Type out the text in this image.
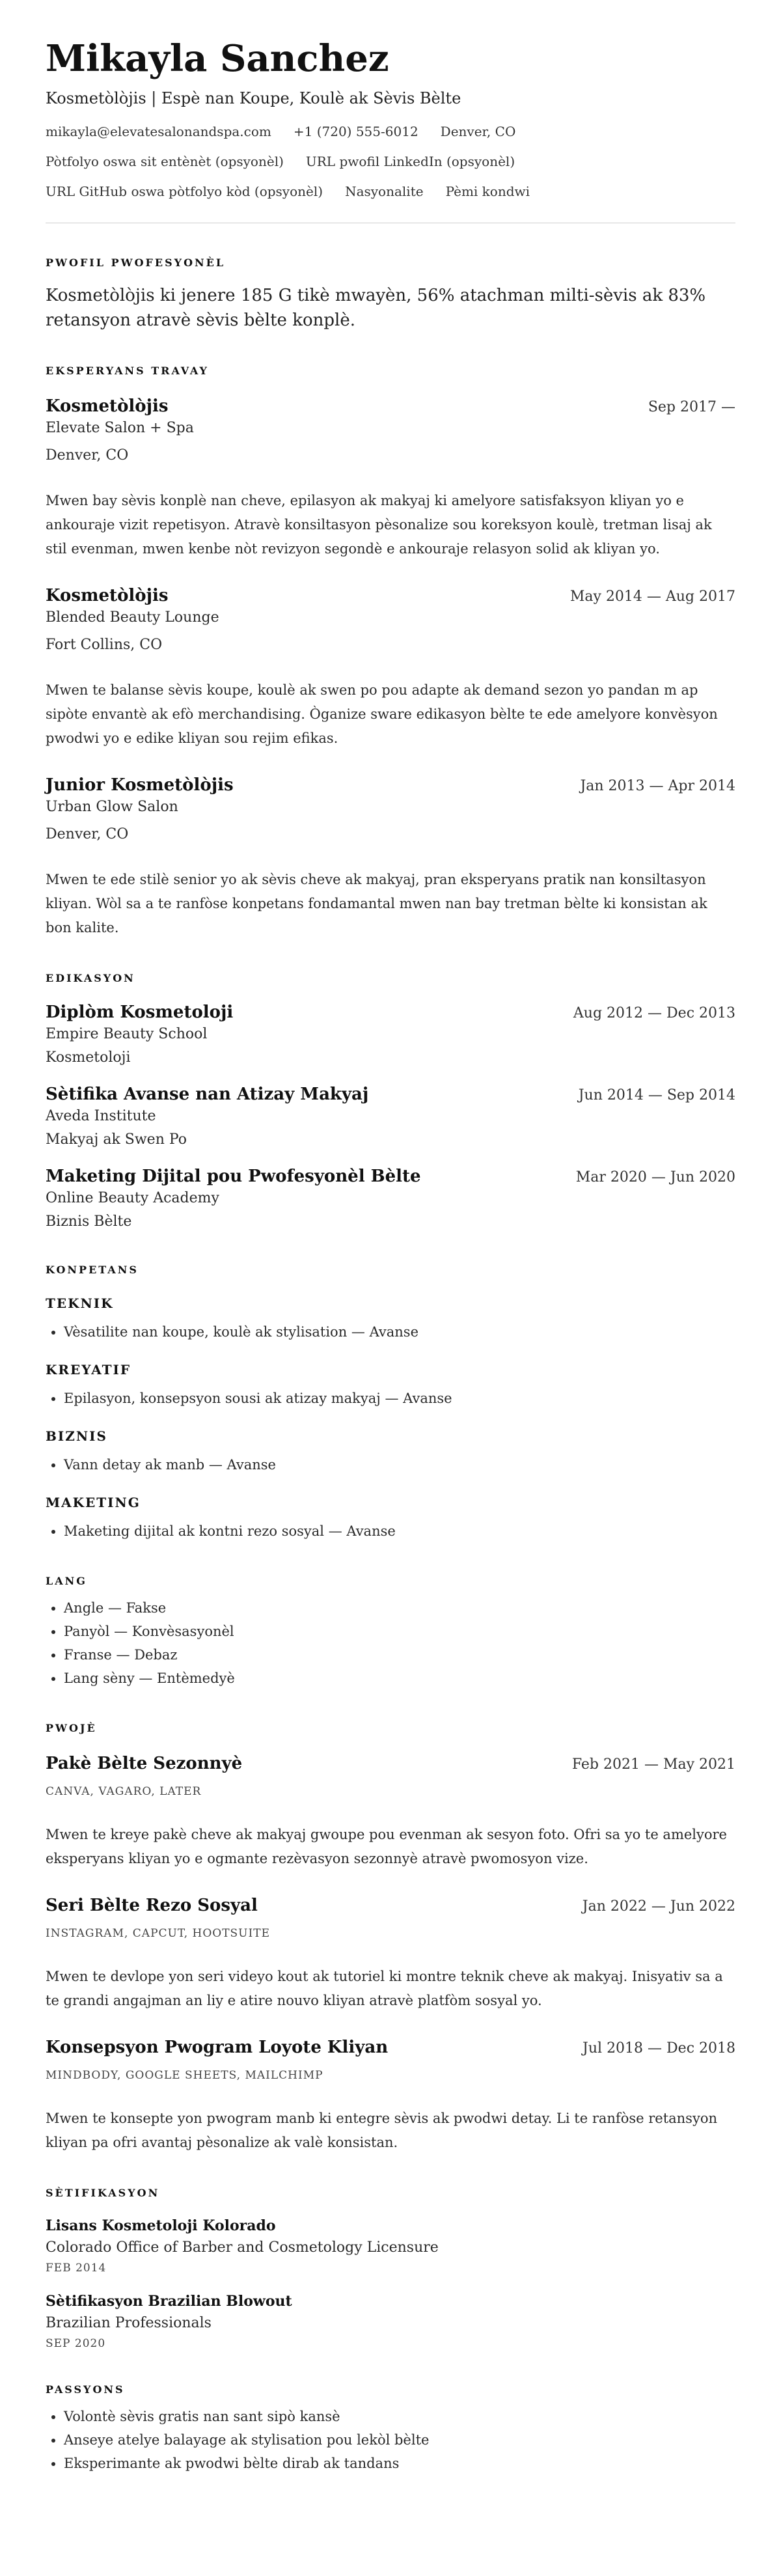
Mikayla Sanchez
Kosmetòlòjis | Espè nan Koupe, Koulè ak Sèvis Bèlte
mikayla@elevatesalonandspa.com +1 (720) 555-6012 Denver, CO
Pòtfolyo oswa sit entènèt (opsyonèl) URL pwofil LinkedIn (opsyonèl)
URL GitHub oswa pòtfolyo kòd (opsyonèl) Nasyonalite Pèmi kondwi
PWOFIL PWOFESYONÈL
Kosmetòlòjis ki jenere 185 G tikè mwayèn, 56% atachman milti-sèvis ak 83% retansyon atravè sèvis bèlte konplè.
EKSPERYANS TRAVAY
Kosmetòlòjis	Sep 2017 —
Elevate Salon + Spa
Denver, CO
Mwen bay sèvis konplè nan cheve, epilasyon ak makyaj ki amelyore satisfaksyon kliyan yo e ankouraje vizit repetisyon. Atravè konsiltasyon pèsonalize sou koreksyon koulè, tretman lisaj ak stil evenman, mwen kenbe nòt revizyon segondè e ankouraje relasyon solid ak kliyan yo.
Kosmetòlòjis	May 2014 — Aug 2017
Blended Beauty Lounge
Fort Collins, CO
Mwen te balanse sèvis koupe, koulè ak swen po pou adapte ak demand sezon yo pandan m ap sipòte envantè ak efò merchandising. Òganize sware edikasyon bèlte te ede amelyore konvèsyon pwodwi yo e edike kliyan sou rejim efikas.
Junior Kosmetòlòjis	Jan 2013 — Apr 2014
Urban Glow Salon
Denver, CO
Mwen te ede stilè senior yo ak sèvis cheve ak makyaj, pran eksperyans pratik nan konsiltasyon kliyan. Wòl sa a te ranfòse konpetans fondamantal mwen nan bay tretman bèlte ki konsistan ak bon kalite.
EDIKASYON
Diplòm Kosmetoloji	Aug 2012 — Dec 2013
Empire Beauty School
Kosmetoloji
Sètifika Avanse nan Atizay Makyaj	Jun 2014 — Sep 2014
Aveda Institute
Makyaj ak Swen Po
Maketing Dijital pou Pwofesyonèl Bèlte	Mar 2020 — Jun 2020
Online Beauty Academy
Biznis Bèlte
KONPETANS
TEKNIK
• Vèsatilite nan koupe, koulè ak stylisation — Avanse
KREYATIF
• Epilasyon, konsepsyon sousi ak atizay makyaj — Avanse
BIZNIS
• Vann detay ak manb — Avanse
MAKETING
• Maketing dijital ak kontni rezo sosyal — Avanse
LANG
• Angle — Fakse
• Panyòl — Konvèsasyonèl
• Franse — Debaz
• Lang sèny — Entèmedyè
PWOJÈ
Pakè Bèlte Sezonnyè	Feb 2021 — May 2021
CANVA, VAGARO, LATER
Mwen te kreye pakè cheve ak makyaj gwoupe pou evenman ak sesyon foto. Ofri sa yo te amelyore eksperyans kliyan yo e ogmante rezèvasyon sezonnyè atravè pwomosyon vize.
Seri Bèlte Rezo Sosyal	Jan 2022 — Jun 2022
INSTAGRAM, CAPCUT, HOOTSUITE
Mwen te devlope yon seri videyo kout ak tutoriel ki montre teknik cheve ak makyaj. Inisyativ sa a te grandi angajman an liy e atire nouvo kliyan atravè platfòm sosyal yo.
Konsepsyon Pwogram Loyote Kliyan	Jul 2018 — Dec 2018
MINDBODY, GOOGLE SHEETS, MAILCHIMP
Mwen te konsepte yon pwogram manb ki entegre sèvis ak pwodwi detay. Li te ranfòse retansyon kliyan pa ofri avantaj pèsonalize ak valè konsistan.
SÈTIFIKASYON
Lisans Kosmetoloji Kolorado
Colorado Office of Barber and Cosmetology Licensure
FEB 2014
Sètifikasyon Brazilian Blowout
Brazilian Professionals
SEP 2020
PASSYONS
• Volontè sèvis gratis nan sant sipò kansè
• Anseye atelye balayage ak stylisation pou lekòl bèlte
• Eksperimante ak pwodwi bèlte dirab ak tandans
